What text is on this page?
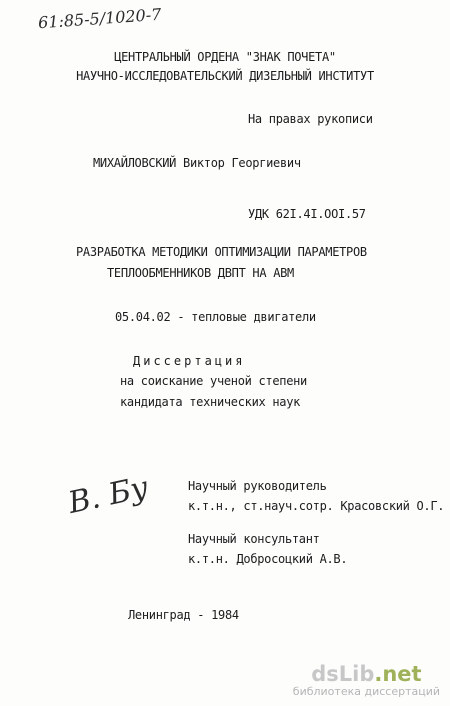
61:85-5/1020-7
ЦЕНТРАЛЬНЫЙ ОРДЕНА "ЗНАК ПОЧЕТА"
НАУЧНО-ИССЛЕДОВАТЕЛЬСКИЙ ДИЗЕЛЬНЫЙ ИНСТИТУТ
На правах рукописи
МИХАЙЛОВСКИЙ Виктор Георгиевич
УДК 62I.4I.OOI.57
РАЗРАБОТКА МЕТОДИКИ ОПТИМИЗАЦИИ ПАРАМЕТРОВ
ТЕПЛООБМЕННИКОВ ДВПТ НА АВМ
05.04.02 - тепловые двигатели
Диссертация
на соискание ученой степени
кандидата технических наук
В. Бу	Научный руководитель
к.т.н., ст.науч.сотр. Красовский О.Г.
Научный консультант
к.т.н. Добросоцкий А.В.
Ленинград - 1984
dsLib.net
библиотека диссертаций
